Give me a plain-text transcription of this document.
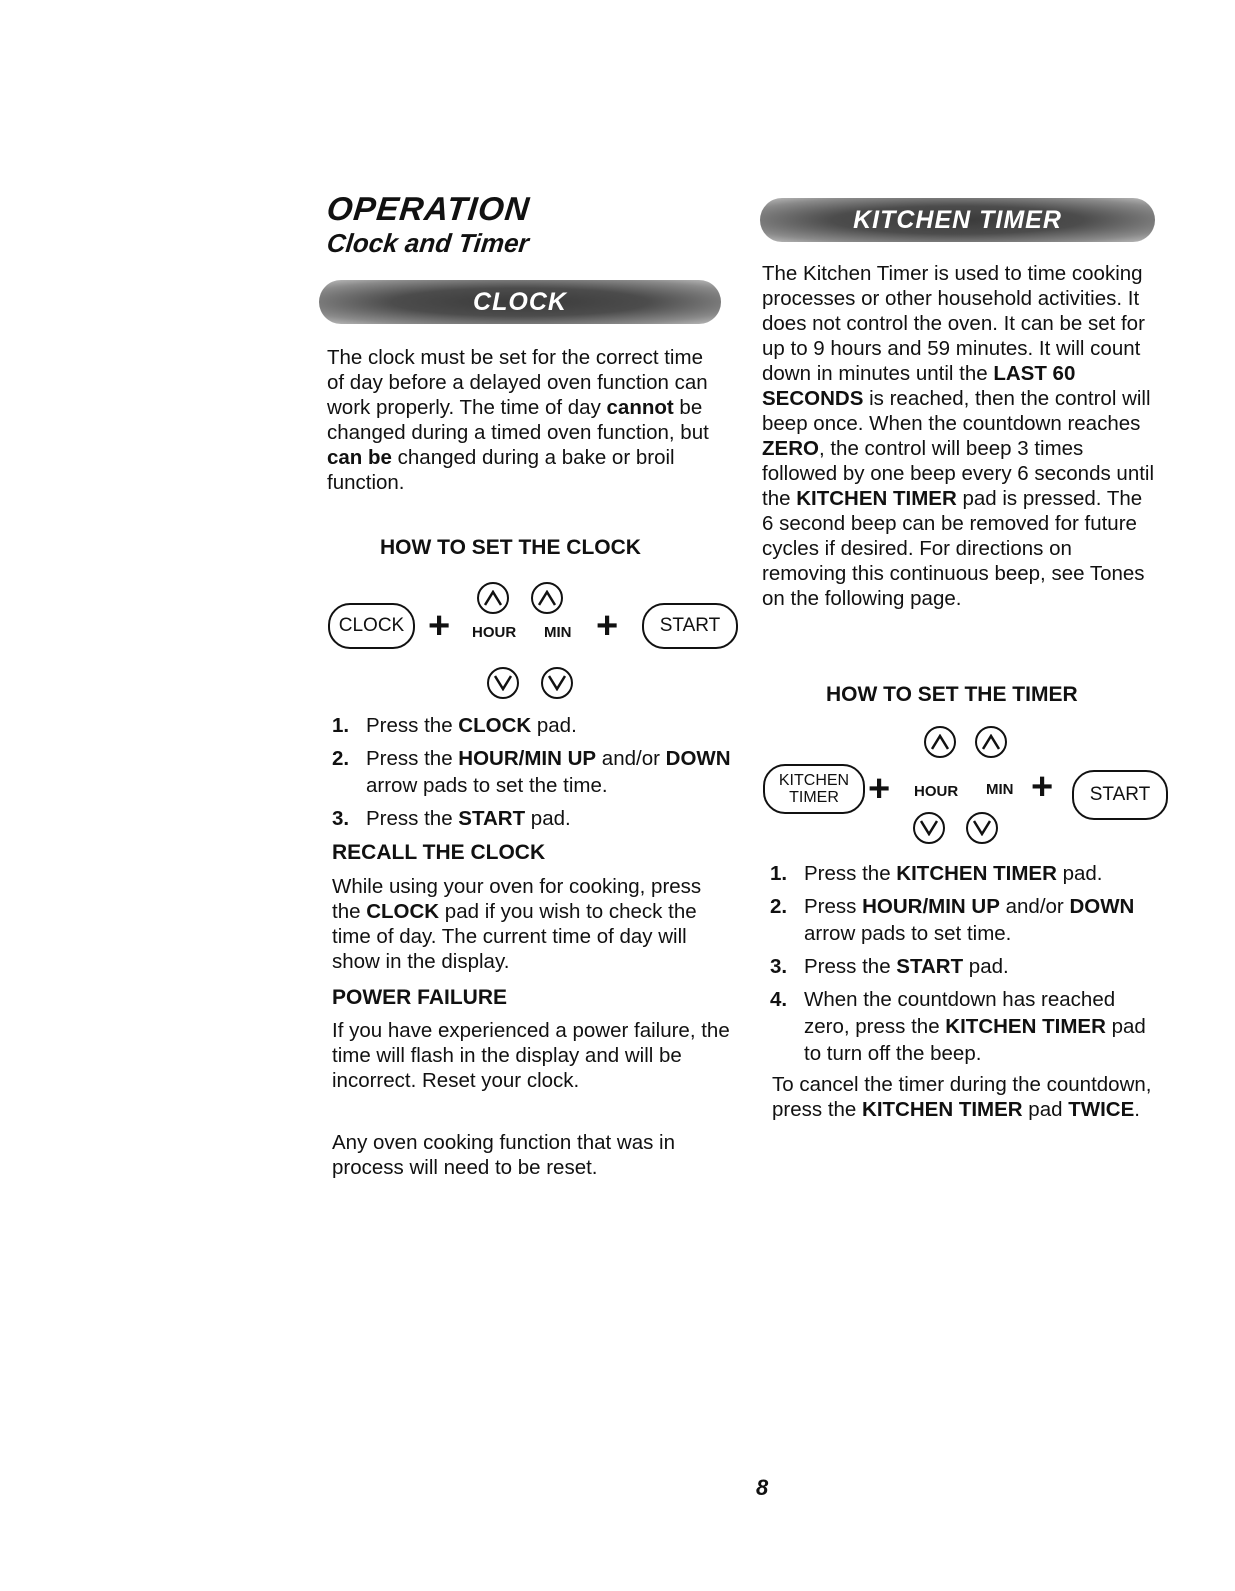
OPERATION
Clock and Timer
CLOCK

The clock must be set for the correct time of day before a delayed oven function can work properly. The time of day cannot be changed during a timed oven function, but can be changed during a bake or broil function.

HOW TO SET THE CLOCK

CLOCK + HOUR MIN + START
1. Press the CLOCK pad.
2. Press the HOUR/MIN UP and/or DOWN arrow pads to set the time.
3. Press the START pad.

RECALL THE CLOCK

While using your oven for cooking, press the CLOCK pad if you wish to check the time of day. The current time of day will show in the display.

POWER FAILURE

If you have experienced a power failure, the time will flash in the display and will be incorrect. Reset your clock.

Any oven cooking function that was in process will need to be reset.

KITCHEN TIMER

The Kitchen Timer is used to time cooking processes or other household activities. It does not control the oven. It can be set for up to 9 hours and 59 minutes. It will count down in minutes until the LAST 60 SECONDS is reached, then the control will beep once. When the countdown reaches ZERO, the control will beep 3 times followed by one beep every 6 seconds until the KITCHEN TIMER pad is pressed. The 6 second beep can be removed for future cycles if desired. For directions on removing this continuous beep, see Tones on the following page.

HOW TO SET THE TIMER

KITCHEN
TIMER + HOUR MIN + START
1. Press the KITCHEN TIMER pad.
2. Press HOUR/MIN UP and/or DOWN arrow pads to set time.
3. Press the START pad.
4. When the countdown has reached zero, press the KITCHEN TIMER pad to turn off the beep.

To cancel the timer during the countdown, press the KITCHEN TIMER pad TWICE.

8
